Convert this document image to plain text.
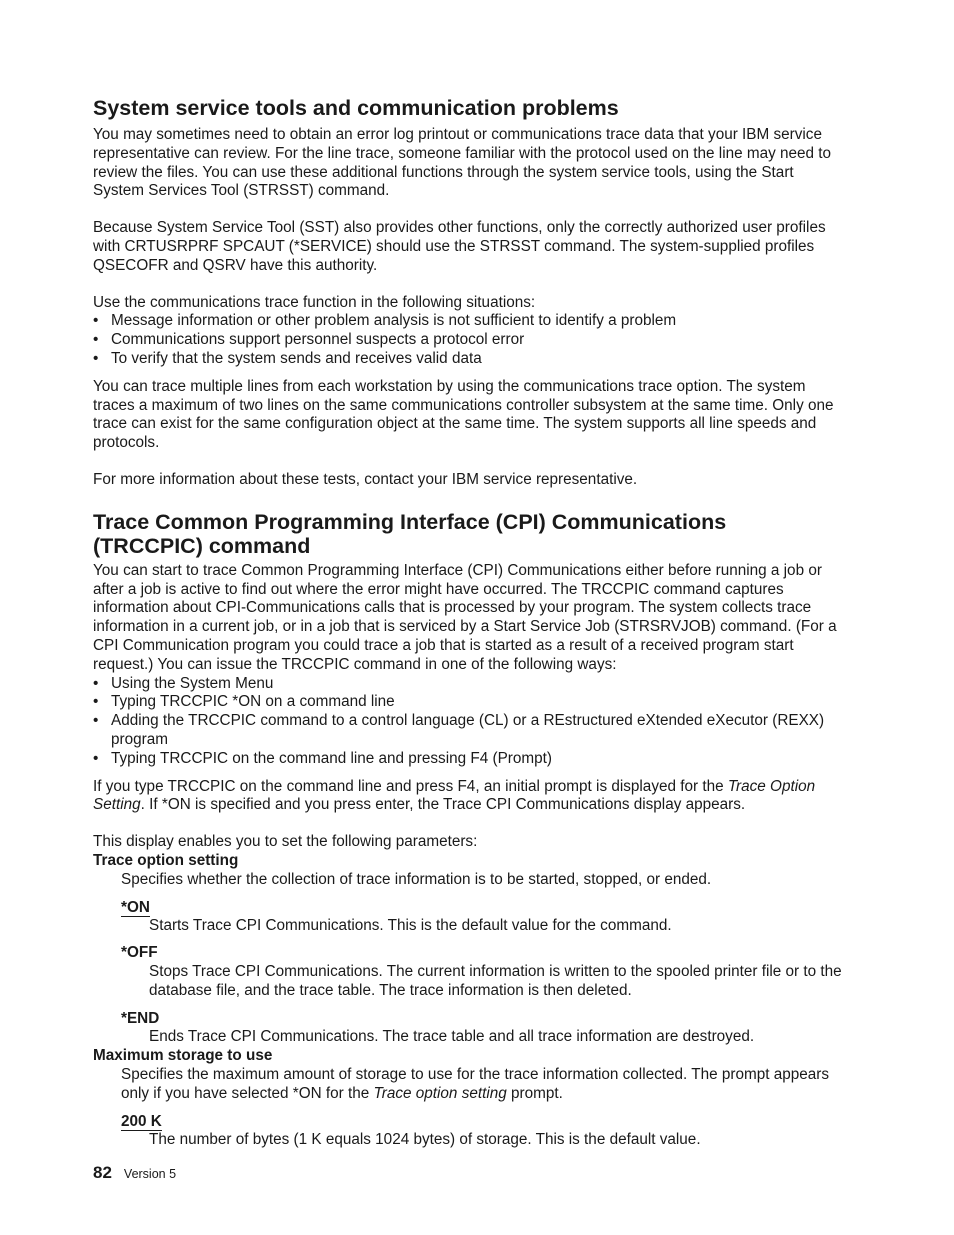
System service tools and communication problems

You may sometimes need to obtain an error log printout or communications trace data that your IBM service representative can review. For the line trace, someone familiar with the protocol used on the line may need to review the files. You can use these additional functions through the system service tools, using the Start System Services Tool (STRSST) command.

Because System Service Tool (SST) also provides other functions, only the correctly authorized user profiles with CRTUSRPRF SPCAUT (*SERVICE) should use the STRSST command. The system-supplied profiles QSECOFR and QSRV have this authority.

Use the communications trace function in the following situations:

• Message information or other problem analysis is not sufficient to identify a problem
• Communications support personnel suspects a protocol error
• To verify that the system sends and receives valid data

You can trace multiple lines from each workstation by using the communications trace option. The system traces a maximum of two lines on the same communications controller subsystem at the same time. Only one trace can exist for the same configuration object at the same time. The system supports all line speeds and protocols.

For more information about these tests, contact your IBM service representative.

Trace Common Programming Interface (CPI) Communications
(TRCCPIC) command

You can start to trace Common Programming Interface (CPI) Communications either before running a job or after a job is active to find out where the error might have occurred. The TRCCPIC command captures information about CPI-Communications calls that is processed by your program. The system collects trace information in a current job, or in a job that is serviced by a Start Service Job (STRSRVJOB) command. (For a CPI Communication program you could trace a job that is started as a result of a received program start request.) You can issue the TRCCPIC command in one of the following ways:

• Using the System Menu
• Typing TRCCPIC *ON on a command line
• Adding the TRCCPIC command to a control language (CL) or a REstructured eXtended eXecutor (REXX) program
• Typing TRCCPIC on the command line and pressing F4 (Prompt)

If you type TRCCPIC on the command line and press F4, an initial prompt is displayed for the Trace Option Setting. If *ON is specified and you press enter, the Trace CPI Communications display appears.

This display enables you to set the following parameters:

Trace option setting
Specifies whether the collection of trace information is to be started, stopped, or ended.
*ON
Starts Trace CPI Communications. This is the default value for the command.
*OFF
Stops Trace CPI Communications. The current information is written to the spooled printer file or to the database file, and the trace table. The trace information is then deleted.
*END
Ends Trace CPI Communications. The trace table and all trace information are destroyed.
Maximum storage to use
Specifies the maximum amount of storage to use for the trace information collected. The prompt appears only if you have selected *ON for the Trace option setting prompt.
200 K
The number of bytes (1 K equals 1024 bytes) of storage. This is the default value.
82 Version 5
